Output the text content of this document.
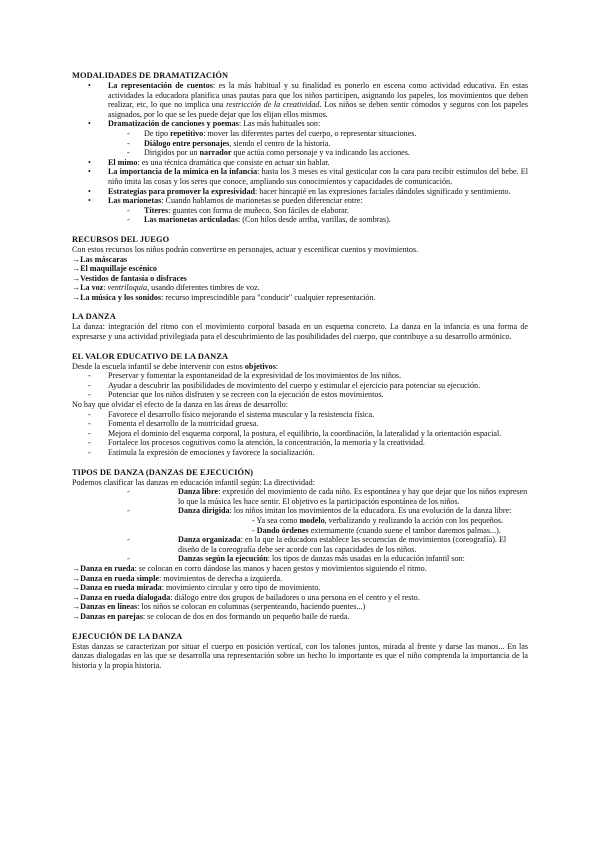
MODALIDADES DE DRAMATIZACIÓN
• La representación de cuentos: es la más habitual y su finalidad es ponerlo en escena como actividad educativa. En estas actividades la educadora planifica unas pautas para que los niños participen, asignando los papeles, los movimientos que deben realizar, etc, lo que no implica una restricción de la creatividad. Los niños se deben sentir cómodos y seguros con los papeles asignados, por lo que se les puede dejar que los elijan ellos mismos.
• Dramatización de canciones y poemas: Las más habituales son:
- De tipo repetitivo: mover las diferentes partes del cuerpo, o representar situaciones.
- Diálogo entre personajes, siendo el centro de la historia.
- Dirigidos por un narrador que actúa como personaje y va indicando las acciones.
• El mimo: es una técnica dramática que consiste en actuar sin hablar.
• La importancia de la mímica en la infancia: hasta los 3 meses es vital gesticular con la cara para recibir estímulos del bebe. El niño imita las cosas y los seres que conoce, ampliando sus conocimientos y capacidades de comunicación.
• Estrategias para promover la expresividad: hacer hincapié en las expresiones faciales dándoles significado y sentimiento.
• Las marionetas: Cuando hablamos de marionetas se pueden diferenciar entre:
- Títeres: guantes con forma de muñeco. Son fáciles de elaborar.
- Las marionetas articuladas: (Con hilos desde arriba, varillas, de sombras).
RECURSOS DEL JUEGO

Con estos recursos los niños podrán convertirse en personajes, actuar y escenificar cuentos y movimientos.

→ Las máscaras
→ El maquillaje escénico
→ Vestidos de fantasía o disfraces
→ La voz: ventriloquia, usando diferentes timbres de voz.
→ La música y los sonidos: recurso imprescindible para "conducir" cualquier representación.
LA DANZA

La danza: integración del ritmo con el movimiento corporal basada en un esquema concreto. La danza en la infancia es una forma de expresarse y una actividad privilegiada para el descubrimiento de las posibilidades del cuerpo, que contribuye a su desarrollo armónico.

EL VALOR EDUCATIVO DE LA DANZA

Desde la escuela infantil se debe intervenir con estos objetivos:

- Preservar y fomentar la espontaneidad de la expresividad de los movimientos de los niños.
- Ayudar a descubrir las posibilidades de movimiento del cuerpo y estimular el ejercicio para potenciar su ejecución.
- Potenciar que los niños disfruten y se recreen con la ejecución de estos movimientos.

No hay que olvidar el efecto de la danza en las áreas de desarrollo:

- Favorece el desarrollo físico mejorando el sistema muscular y la resistencia física.
- Fomenta el desarrollo de la motricidad gruesa.
- Mejora el dominio del esquema corporal, la postura, el equilibrio, la coordinación, la lateralidad y la orientación espacial.
- Fortalece los procesos cognitivos como la atención, la concentración, la memoria y la creatividad.
- Estimula la expresión de emociones y favorece la socialización.
TIPOS DE DANZA (DANZAS DE EJECUCIÓN)

Podemos clasificar las danzas en educación infantil según: La directividad:

- Danza libre: expresión del movimiento de cada niño. Es espontánea y hay que dejar que los niños expresen lo que la música les hace sentir. El objetivo es la participación espontánea de los niños.
- Danza dirigida: los niños imitan los movimientos de la educadora. Es una evolución de la danza libre:
- Ya sea como modelo, verbalizando y realizando la acción con los pequeños.
- Dando órdenes externamente (cuando suene el tambor daremos palmas...).
- Danza organizada: en la que la educadora establece las secuencias de movimientos (coreografía). El diseño de la coreografía debe ser acorde con las capacidades de los niños.
- Danzas según la ejecución: los tipos de danzas más usadas en la educación infantil son:
→ Danza en rueda: se colocan en corro dándose las manos y hacen gestos y movimientos siguiendo el ritmo.
→ Danza en rueda simple: movimientos de derecha a izquierda.
→ Danza en rueda mirada: movimiento circular y otro tipo de movimiento.
→ Danza en rueda dialogada: diálogo entre dos grupos de bailadores o una persona en el centro y el resto.
→ Danzas en líneas: los niños se colocan en columnas (serpenteando, haciendo puentes...)
→ Danzas en parejas: se colocan de dos en dos formando un pequeño baile de rueda.
EJECUCIÓN DE LA DANZA

Estas danzas se caracterizan por situar el cuerpo en posición vertical, con los talones juntos, mirada al frente y darse las manos... En las danzas dialogadas en las que se desarrolla una representación sobre un hecho lo importante es que el niño comprenda la importancia de la historia y la propia historia.
